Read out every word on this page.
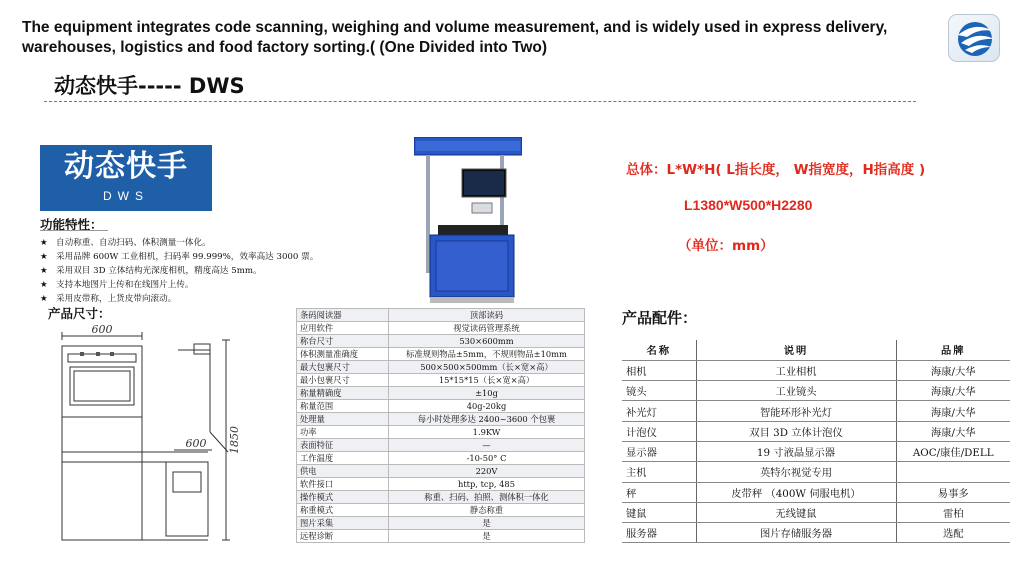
The equipment integrates code scanning, weighing and volume measurement, and is widely used in express delivery, warehouses, logistics and food factory sorting.( (One Divided into Two)
动态快手----- DWS
动态快手
DWS
功能特性：
★ 自动称重、自动扫码、体积测量一体化。
★ 采用品牌 600W 工业相机，扫码率 99.999%，效率高达 3000 票。
★ 采用双目 3D 立体结构光深度相机，精度高达 5mm。
★ 支持本地图片上传和在线图片上传。
★ 采用皮带称，上货皮带向滚动。
产品尺寸：
600
600 1850
条码阅读器	顶部读码
应用软件	视觉读码管理系统
称台尺寸	530×600mm
体积测量准确度	标准规则物品±5mm，不规则物品±10mm
最大包裹尺寸	500×500×500mm（长×宽×高）
最小包裹尺寸	15*15*15（长×宽×高）
称量精确度	±10g
称量范围	40g-20kg
处理量	每小时处理多达 2400~3600 个包裹
功率	1.9KW
表面特征	—
工作温度	-10-50° C
供电	220V
软件接口	http, tcp, 485
操作模式	称重、扫码、拍照、测体积一体化
称重模式	静态称重
图片采集	是
远程诊断	是
总体：L*W*H( L指长度， W指宽度，H指高度 )
L1380*W500*H2280
（单位：mm）
产品配件：
名称	说明	品牌
相机	工业相机	海康/大华
镜头	工业镜头	海康/大华
补光灯	智能环形补光灯	海康/大华
计泡仪	双目 3D 立体计泡仪	海康/大华
显示器	19 寸液晶显示器	AOC/康佳/DELL
主机	英特尔视觉专用	
秤	皮带秤 （400W 伺服电机）	易事多
键鼠	无线键鼠	雷柏
服务器	图片存储服务器	选配
